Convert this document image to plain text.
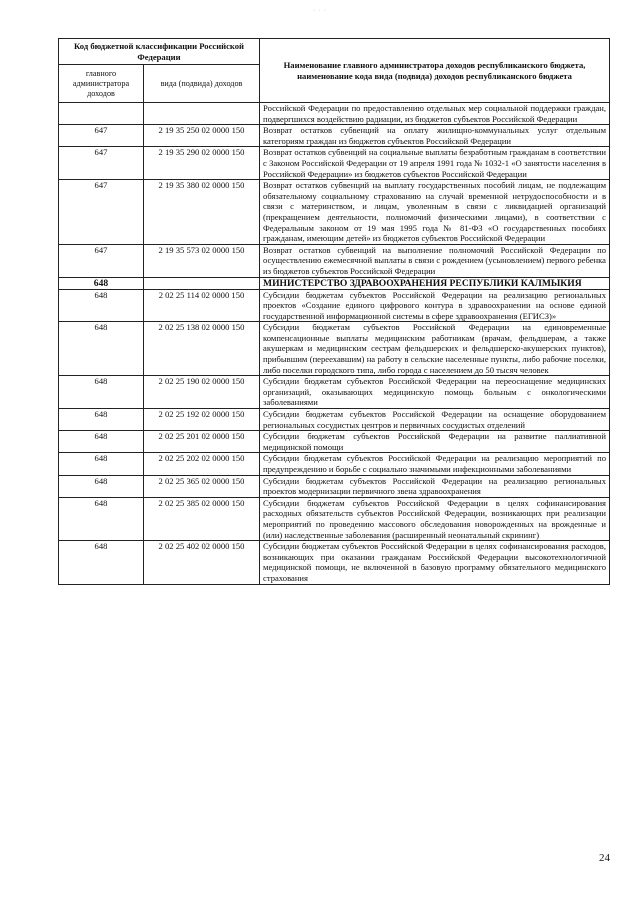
· · ·
Код бюджетной классификации Российской Федерации		Наименование главного администратора доходов республиканского бюджета, наименование кода вида (подвида) доходов республиканского бюджета
главного администратора доходов	вида (подвида) доходов	
		Российской Федерации по предоставлению отдельных мер социальной поддержки граждан, подвергшихся воздействию радиации, из бюджетов субъектов Российской Федерации
647	2 19 35 250 02 0000 150	Возврат остатков субвенций на оплату жилищно-коммунальных услуг отдельным категориям граждан из бюджетов субъектов Российской Федерации
647	2 19 35 290 02 0000 150	Возврат остатков субвенций на социальные выплаты безработным гражданам в соответствии с Законом Российской Федерации от 19 апреля 1991 года № 1032-1 «О занятости населения в Российской Федерации» из бюджетов субъектов Российской Федерации
647	2 19 35 380 02 0000 150	Возврат остатков субвенций на выплату государственных пособий лицам, не подлежащим обязательному социальному страхованию на случай временной нетрудоспособности и в связи с материнством, и лицам, уволенным в связи с ликвидацией организаций (прекращением деятельности, полномочий физическими лицами), в соответствии с Федеральным законом от 19 мая 1995 года № 81-ФЗ «О государственных пособиях гражданам, имеющим детей» из бюджетов субъектов Российской Федерации
647	2 19 35 573 02 0000 150	Возврат остатков субвенций на выполнение полномочий Российской Федерации по осуществлению ежемесячной выплаты в связи с рождением (усыновлением) первого ребенка из бюджетов субъектов Российской Федерации
648		МИНИСТЕРСТВО ЗДРАВООХРАНЕНИЯ РЕСПУБЛИКИ КАЛМЫКИЯ
648	2 02 25 114 02 0000 150	Субсидии бюджетам субъектов Российской Федерации на реализацию региональных проектов «Создание единого цифрового контура в здравоохранении на основе единой государственной информационной системы в сфере здравоохранения (ЕГИСЗ)»
648	2 02 25 138 02 0000 150	Субсидии бюджетам субъектов Российской Федерации на единовременные компенсационные выплаты медицинским работникам (врачам, фельдшерам, а также акушеркам и медицинским сестрам фельдшерских и фельдшерско-акушерских пунктов), прибывшим (переехавшим) на работу в сельские населенные пункты, либо рабочие поселки, либо поселки городского типа, либо города с населением до 50 тысяч человек
648	2 02 25 190 02 0000 150	Субсидии бюджетам субъектов Российской Федерации на переоснащение медицинских организаций, оказывающих медицинскую помощь больным с онкологическими заболеваниями
648	2 02 25 192 02 0000 150	Субсидии бюджетам субъектов Российской Федерации на оснащение оборудованием региональных сосудистых центров и первичных сосудистых отделений
648	2 02 25 201 02 0000 150	Субсидии бюджетам субъектов Российской Федерации на развитие паллиативной медицинской помощи
648	2 02 25 202 02 0000 150	Субсидии бюджетам субъектов Российской Федерации на реализацию мероприятий по предупреждению и борьбе с социально значимыми инфекционными заболеваниями
648	2 02 25 365 02 0000 150	Субсидии бюджетам субъектов Российской Федерации на реализацию региональных проектов модернизации первичного звена здравоохранения
648	2 02 25 385 02 0000 150	Субсидии бюджетам субъектов Российской Федерации в целях софинансирования расходных обязательств субъектов Российской Федерации, возникающих при реализации мероприятий по проведению массового обследования новорожденных на врожденные и (или) наследственные заболевания (расширенный неонатальный скрининг)
648	2 02 25 402 02 0000 150	Субсидии бюджетам субъектов Российской Федерации в целях софинансирования расходов, возникающих при оказании гражданам Российской Федерации высокотехнологичной медицинской помощи, не включенной в базовую программу обязательного медицинского страхования
24
